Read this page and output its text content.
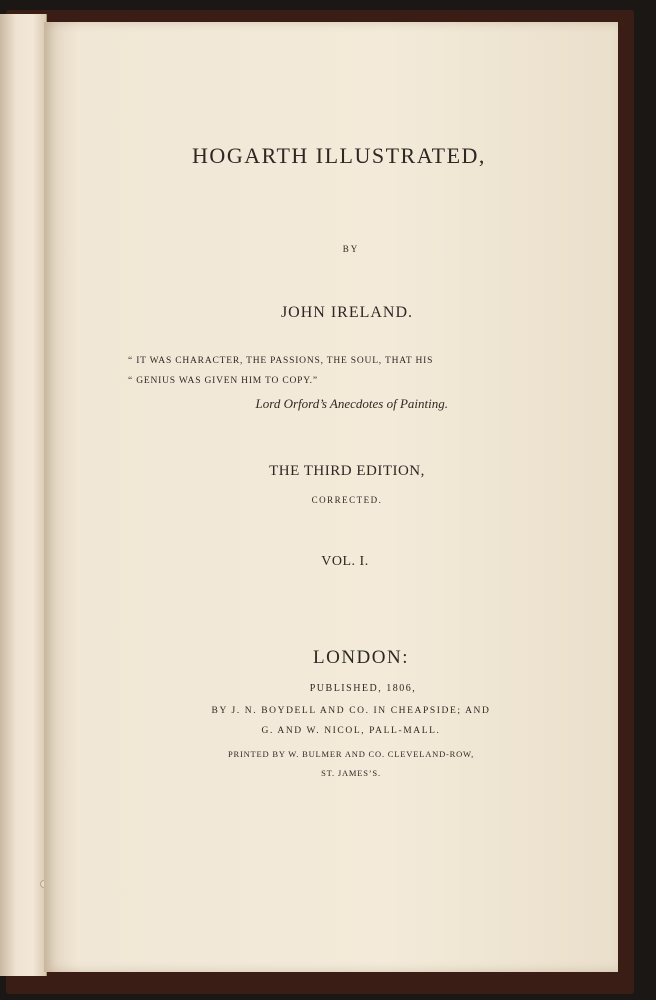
HOGARTH ILLUSTRATED,
BY
JOHN IRELAND.
“ IT WAS CHARACTER, THE PASSIONS, THE SOUL, THAT HIS
“ GENIUS WAS GIVEN HIM TO COPY.”
Lord Orford’s Anecdotes of Painting.
THE THIRD EDITION,
CORRECTED.
VOL. I.
LONDON:
PUBLISHED, 1806,
BY J. N. BOYDELL AND CO. IN CHEAPSIDE; AND
G. AND W. NICOL, PALL-MALL.
PRINTED BY W. BULMER AND CO. CLEVELAND-ROW,
ST. JAMES’S.
